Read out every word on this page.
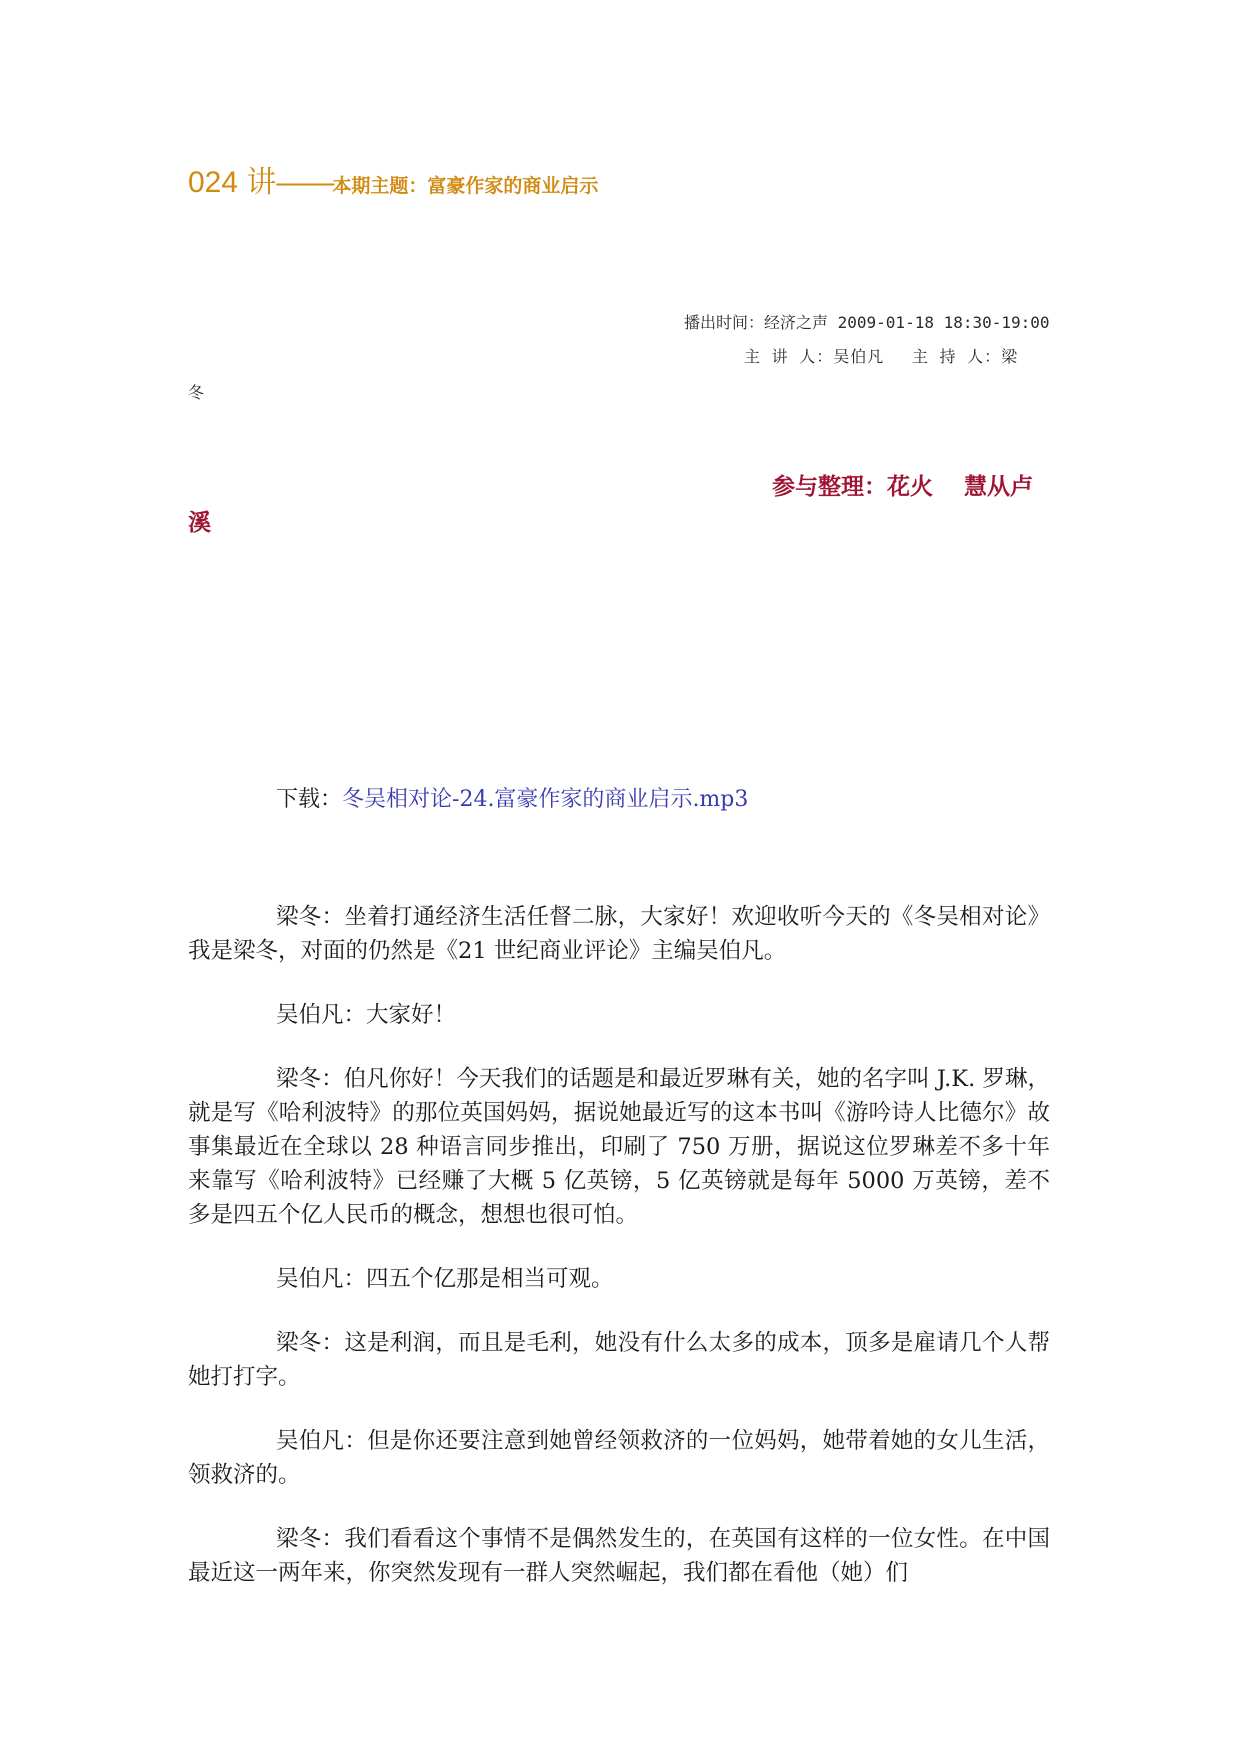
024 讲——本期主题：富豪作家的商业启示
播出时间：经济之声 2009-01-18 18:30-19:00
主 讲 人：吴伯凡　 主 持 人：梁
冬
参与整理：花火　 慧从卢
溪
下载：冬吴相对论-24.富豪作家的商业启示.mp3

梁冬：坐着打通经济生活任督二脉，大家好！欢迎收听今天的《冬吴相对论》我是梁冬，对面的仍然是《21 世纪商业评论》主编吴伯凡。

吴伯凡：大家好！

梁冬：伯凡你好！今天我们的话题是和最近罗琳有关，她的名字叫 J.K. 罗琳，就是写《哈利波特》的那位英国妈妈，据说她最近写的这本书叫《游吟诗人比德尔》故事集最近在全球以 28 种语言同步推出，印刷了 750 万册，据说这位罗琳差不多十年来靠写《哈利波特》已经赚了大概 5 亿英镑，5 亿英镑就是每年 5000 万英镑，差不多是四五个亿人民币的概念，想想也很可怕。

吴伯凡：四五个亿那是相当可观。

梁冬：这是利润，而且是毛利，她没有什么太多的成本，顶多是雇请几个人帮她打打字。

吴伯凡：但是你还要注意到她曾经领救济的一位妈妈，她带着她的女儿生活，领救济的。

梁冬：我们看看这个事情不是偶然发生的，在英国有这样的一位女性。在中国最近这一两年来，你突然发现有一群人突然崛起，我们都在看他（她）们
